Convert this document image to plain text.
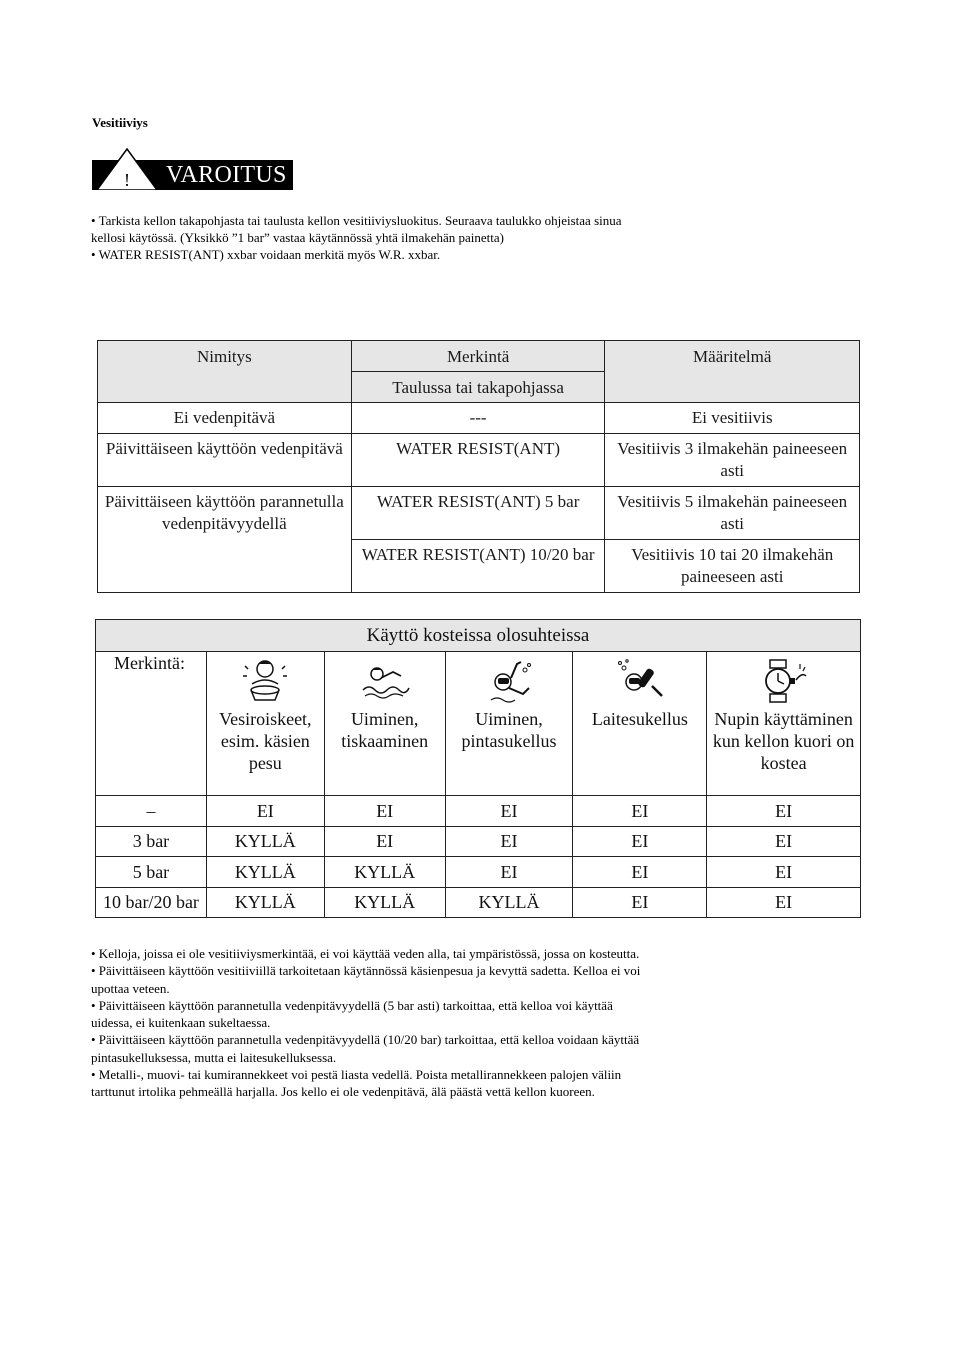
Vesitiiviys
! VAROITUS

• Tarkista kellon takapohjasta tai taulusta kellon vesitiiviysluokitus. Seuraava taulukko ohjeistaa sinua kellosi käytössä. (Yksikkö ”1 bar” vastaa käytännössä yhtä ilmakehän painetta)

• WATER RESIST(ANT) xxbar voidaan merkitä myös W.R. xxbar.

Nimitys	Merkintä	Määritelmä
	Taulussa tai takapohjassa	
Ei vedenpitävä	---	Ei vesitiivis
Päivittäiseen käyttöön vedenpitävä	WATER RESIST(ANT)	Vesitiivis 3 ilmakehän paineeseen asti
Päivittäiseen käyttöön parannetulla vedenpitävyydellä	WATER RESIST(ANT) 5 bar	Vesitiivis 5 ilmakehän paineeseen asti
	WATER RESIST(ANT) 10/20 bar	Vesitiivis 10 tai 20 ilmakehän paineeseen asti
Käyttö kosteissa olosuhteissa					
Merkintä:	Vesiroiskeet, esim. käsien pesu	Uiminen, tiskaaminen	Uiminen, pintasukellus	Laitesukellus	Nupin käyttäminen kun kellon kuori on kostea

–	EI	EI	EI	EI	EI
3 bar	KYLLÄ	EI	EI	EI	EI
5 bar	KYLLÄ	KYLLÄ	EI	EI	EI
10 bar/20 bar	KYLLÄ	KYLLÄ	KYLLÄ	EI	EI

• Kelloja, joissa ei ole vesitiiviysmerkintää, ei voi käyttää veden alla, tai ympäristössä, jossa on kosteutta.

• Päivittäiseen käyttöön vesitiiviillä tarkoitetaan käytännössä käsienpesua ja kevyttä sadetta. Kelloa ei voi upottaa veteen.

• Päivittäiseen käyttöön parannetulla vedenpitävyydellä (5 bar asti) tarkoittaa, että kelloa voi käyttää uidessa, ei kuitenkaan sukeltaessa.

• Päivittäiseen käyttöön parannetulla vedenpitävyydellä (10/20 bar) tarkoittaa, että kelloa voidaan käyttää pintasukelluksessa, mutta ei laitesukelluksessa.

• Metalli-, muovi- tai kumirannekkeet voi pestä liasta vedellä. Poista metallirannekkeen palojen väliin tarttunut irtolika pehmeällä harjalla. Jos kello ei ole vedenpitävä, älä päästä vettä kellon kuoreen.
